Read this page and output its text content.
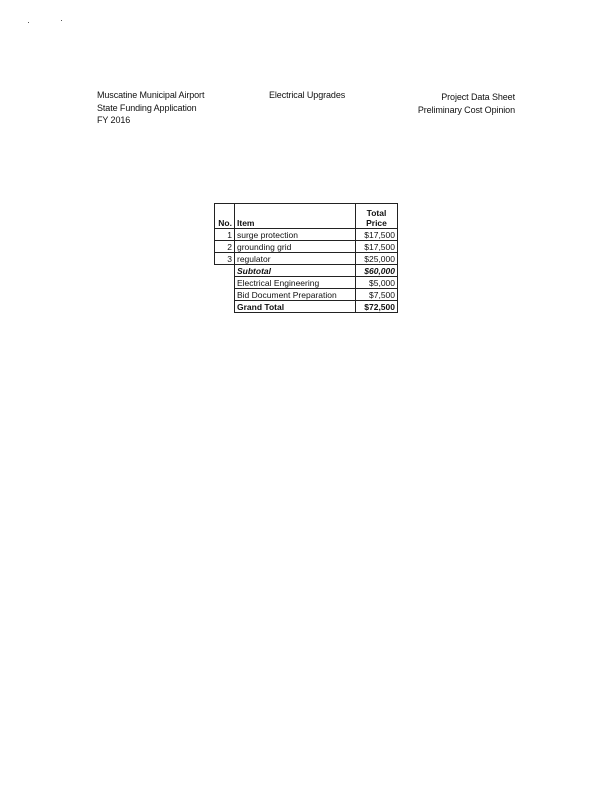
Muscatine Municipal Airport
State Funding Application
FY 2016
Electrical Upgrades	Project Data Sheet
Preliminary Cost Opinion
No.	Item	Total
Price
1	surge protection	$17,500
2	grounding grid	$17,500
3	regulator	$25,000
	Subtotal	$60,000
	Electrical Engineering	$5,000
	Bid Document Preparation	$7,500
	Grand Total	$72,500
